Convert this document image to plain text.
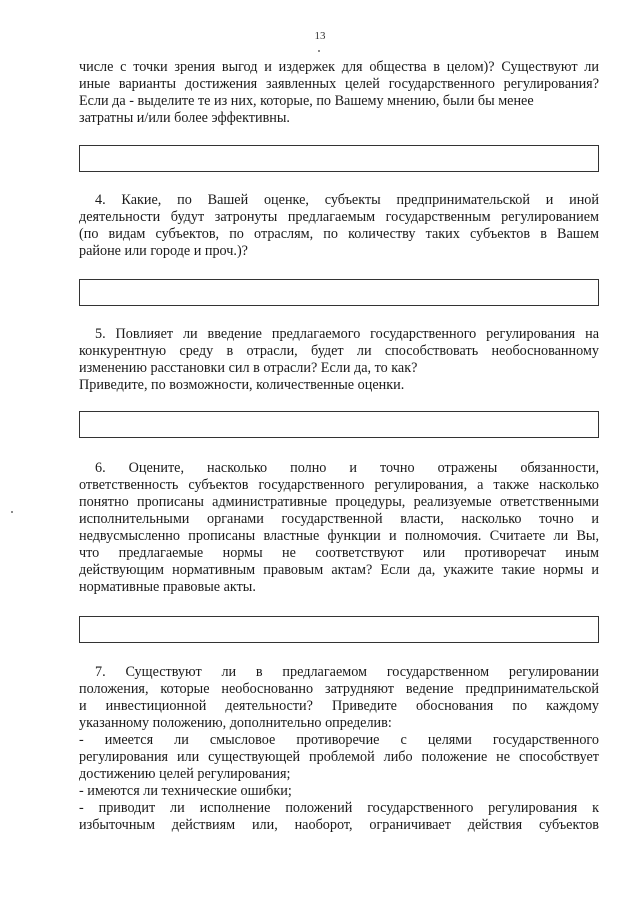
13

числе с точки зрения выгод и издержек для общества в целом)? Существуют ли

иные варианты достижения заявленных целей государственного регулирования?

Если да - выделите те из них, которые, по Вашему мнению, были бы менее

затратны и/или более эффективны.

4. Какие, по Вашей оценке, субъекты предпринимательской и иной

деятельности будут затронуты предлагаемым государственным регулированием

(по видам субъектов, по отраслям, по количеству таких субъектов в Вашем

районе или городе и проч.)?

5. Повлияет ли введение предлагаемого государственного регулирования на

конкурентную среду в отрасли, будет ли способствовать необоснованному

изменению расстановки сил в отрасли? Если да, то как?

Приведите, по возможности, количественные оценки.

6. Оцените, насколько полно и точно отражены обязанности,

ответственность субъектов государственного регулирования, а также насколько

понятно прописаны административные процедуры, реализуемые ответственными

исполнительными органами государственной власти, насколько точно и

недвусмысленно прописаны властные функции и полномочия. Считаете ли Вы,

что предлагаемые нормы не соответствуют или противоречат иным

действующим нормативным правовым актам? Если да, укажите такие нормы и

нормативные правовые акты.

7. Существуют ли в предлагаемом государственном регулировании

положения, которые необоснованно затрудняют ведение предпринимательской

и инвестиционной деятельности? Приведите обоснования по каждому

указанному положению, дополнительно определив:

- имеется ли смысловое противоречие с целями государственного

регулирования или существующей проблемой либо положение не способствует

достижению целей регулирования;

- имеются ли технические ошибки;

- приводит ли исполнение положений государственного регулирования к

избыточным действиям или, наоборот, ограничивает действия субъектов
